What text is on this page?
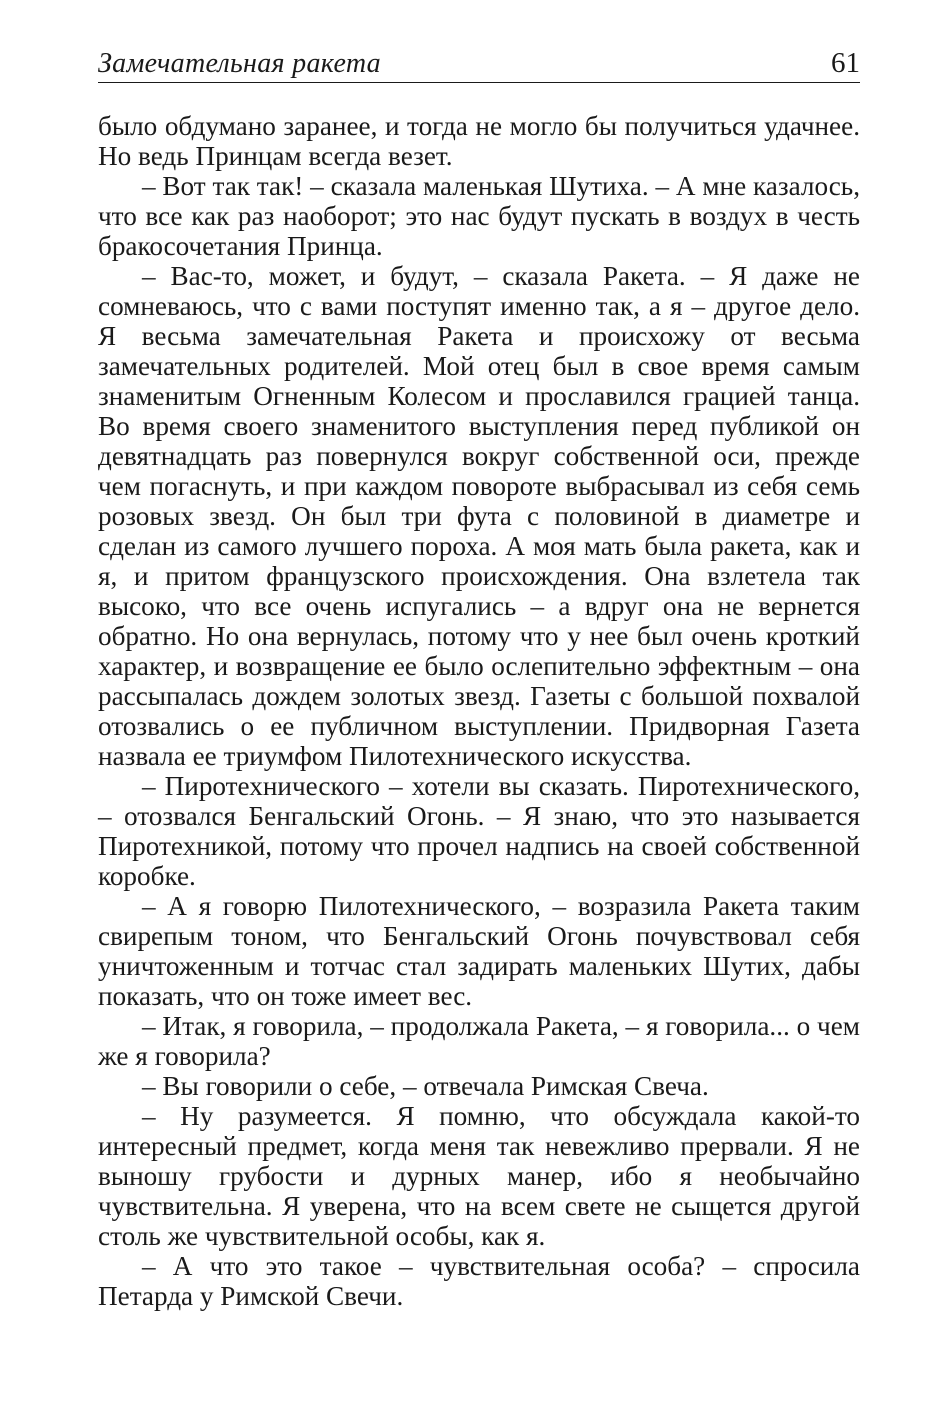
Замечательная ракета	61

было обдумано заранее, и тогда не могло бы получиться удачнее. Но ведь Принцам всегда везет.

– Вот так так! – сказала маленькая Шутиха. – А мне казалось, что все как раз наоборот; это нас будут пускать в воздух в честь бракосочетания Принца.

– Вас-то, может, и будут, – сказала Ракета. – Я даже не сомневаюсь, что с вами поступят именно так, а я – другое дело. Я весьма замечательная Ракета и происхожу от весьма замечательных родителей. Мой отец был в свое время самым знаменитым Огненным Колесом и прославился грацией танца. Во время своего знаменитого выступления перед публикой он девятнадцать раз повернулся вокруг собственной оси, прежде чем погаснуть, и при каждом повороте выбрасывал из себя семь розовых звезд. Он был три фута с половиной в диаметре и сделан из самого лучшего пороха. А моя мать была ракета, как и я, и притом французского происхождения. Она взлетела так высоко, что все очень испугались – а вдруг она не вернется обратно. Но она вернулась, потому что у нее был очень кроткий характер, и возвращение ее было ослепительно эффектным – она рассыпалась дождем золотых звезд. Газеты с большой похвалой отозвались о ее публичном выступлении. Придворная Газета назвала ее триумфом Пилотехнического искусства.

– Пиротехнического – хотели вы сказать. Пиротехнического, – отозвался Бенгальский Огонь. – Я знаю, что это называется Пиротехникой, потому что прочел надпись на своей собственной коробке.

– А я говорю Пилотехнического, – возразила Ракета таким свирепым тоном, что Бенгальский Огонь почувствовал себя уничтоженным и тотчас стал задирать маленьких Шутих, дабы показать, что он тоже имеет вес.

– Итак, я говорила, – продолжала Ракета, – я говорила... о чем же я говорила?

– Вы говорили о себе, – отвечала Римская Свеча.

– Ну разумеется. Я помню, что обсуждала какой-то интересный предмет, когда меня так невежливо прервали. Я не выношу грубости и дурных манер, ибо я необычайно чувствительна. Я уверена, что на всем свете не сыщется другой столь же чувствительной особы, как я.

– А что это такое – чувствительная особа? – спросила Петарда у Римской Свечи.
